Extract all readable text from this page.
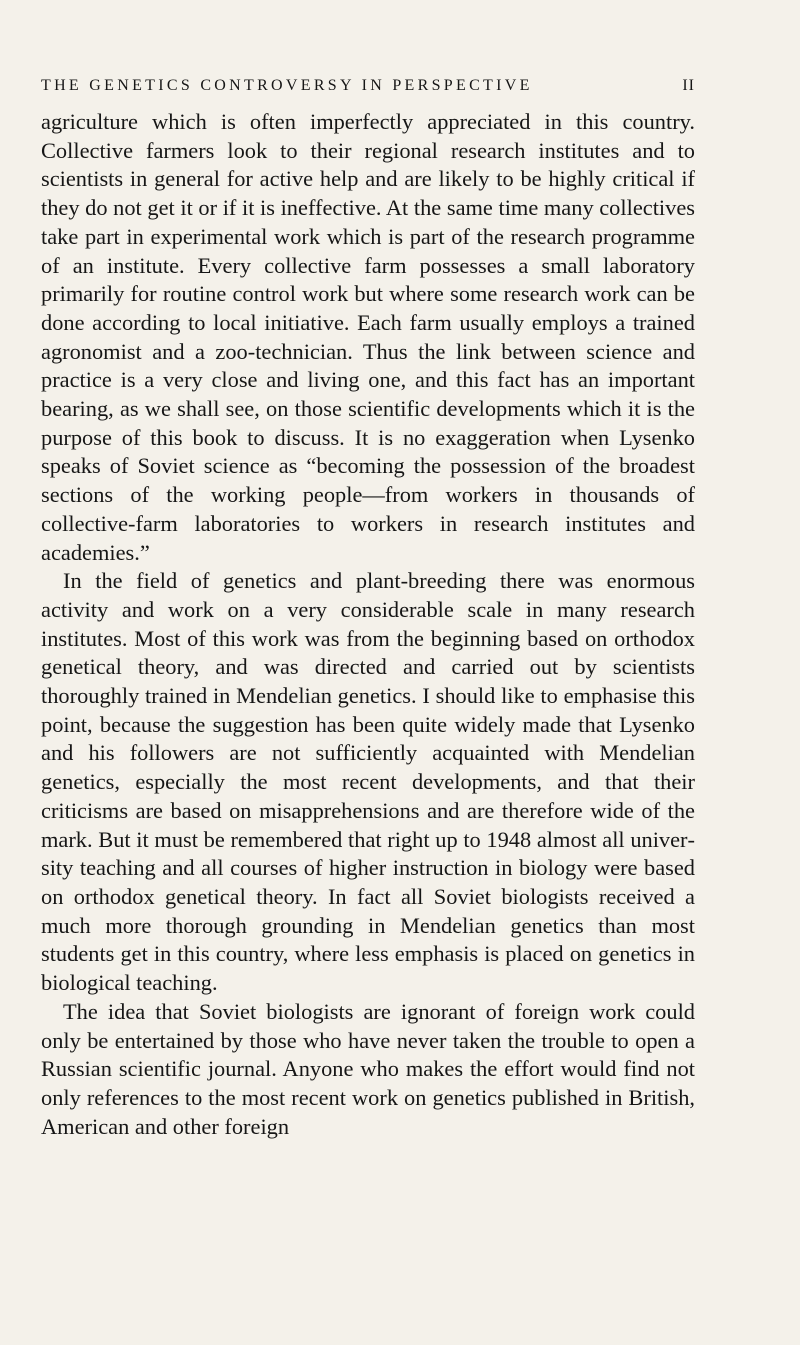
THE GENETICS CONTROVERSY IN PERSPECTIVE	II

agriculture which is often imperfectly appreciated in this country. Collective farmers look to their regional research institutes and to scientists in general for active help and are likely to be highly critical if they do not get it or if it is ineffective. At the same time many collectives take part in experimental work which is part of the research programme of an institute. Every collective farm possesses a small laboratory primarily for routine control work but where some research work can be done according to local initiative. Each farm usually employs a trained agronomist and a zoo-technician. Thus the link between science and practice is a very close and living one, and this fact has an important bearing, as we shall see, on those scientific developments which it is the purpose of this book to discuss. It is no exaggeration when Lysenko speaks of Soviet science as “becoming the possession of the broadest sections of the working people—from workers in thousands of collective-farm laboratories to workers in research institutes and academies.”

In the field of genetics and plant-breeding there was enormous activity and work on a very considerable scale in many research institutes. Most of this work was from the beginning based on orthodox genetical theory, and was directed and carried out by scientists thoroughly trained in Mendelian genetics. I should like to emphasise this point, because the suggestion has been quite widely made that Lysenko and his followers are not sufficiently acquainted with Mendelian genetics, especially the most recent developments, and that their criticisms are based on misapprehensions and are therefore wide of the mark. But it must be remembered that right up to 1948 almost all university teaching and all courses of higher instruction in biology were based on orthodox genetical theory. In fact all Soviet biologists received a much more thorough grounding in Mendelian genetics than most students get in this country, where less emphasis is placed on genetics in biological teaching.

The idea that Soviet biologists are ignorant of foreign work could only be entertained by those who have never taken the trouble to open a Russian scientific journal. Anyone who makes the effort would find not only references to the most recent work on genetics published in British, American and other foreign
